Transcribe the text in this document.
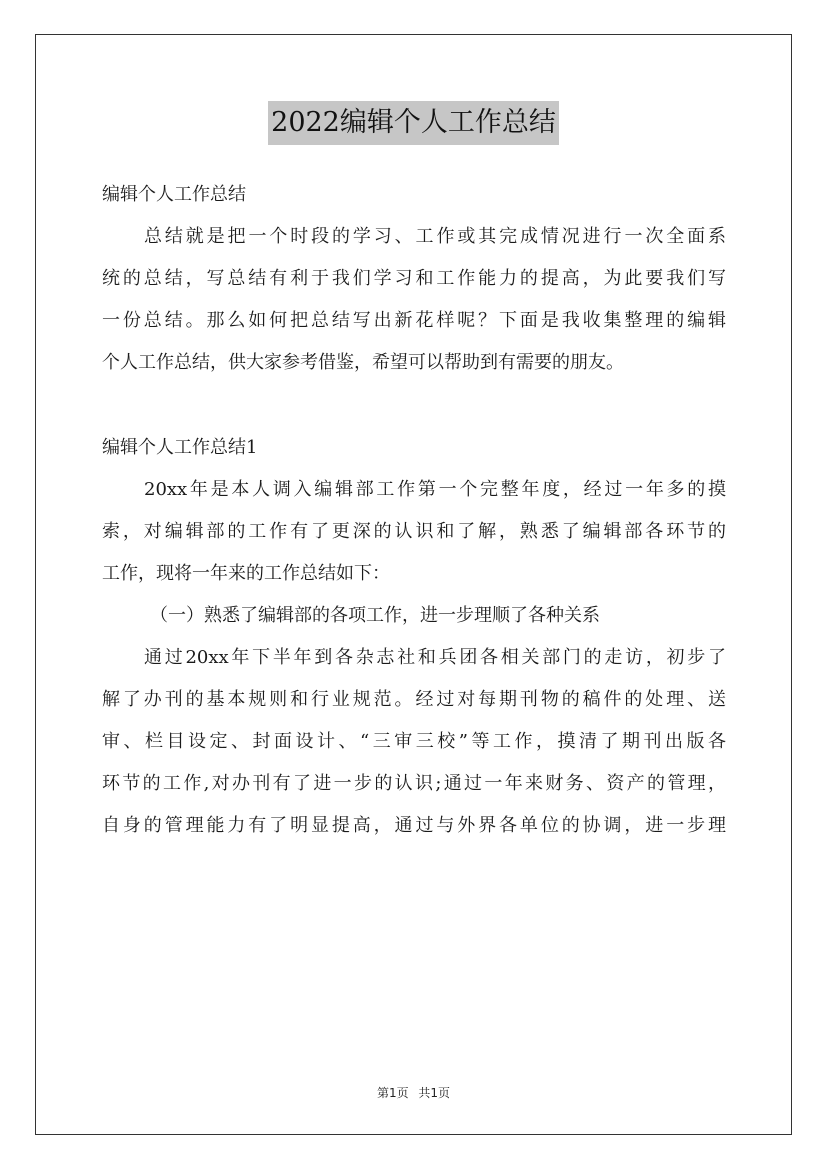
2022编辑个人工作总结
编辑个人工作总结
总结就是把一个时段的学习、工作或其完成情况进行一次全面系
统的总结，写总结有利于我们学习和工作能力的提高，为此要我们写
一份总结。那么如何把总结写出新花样呢？下面是我收集整理的编辑
个人工作总结，供大家参考借鉴，希望可以帮助到有需要的朋友。
编辑个人工作总结1
20xx年是本人调入编辑部工作第一个完整年度，经过一年多的摸
索，对编辑部的工作有了更深的认识和了解，熟悉了编辑部各环节的
工作，现将一年来的工作总结如下：
（一）熟悉了编辑部的各项工作，进一步理顺了各种关系
通过20xx年下半年到各杂志社和兵团各相关部门的走访，初步了
解了办刊的基本规则和行业规范。经过对每期刊物的稿件的处理、送
审、栏目设定、封面设计、“三审三校”等工作，摸清了期刊出版各
环节的工作,对办刊有了进一步的认识;通过一年来财务、资产的管理，
自身的管理能力有了明显提高，通过与外界各单位的协调，进一步理
第1页 共1页
